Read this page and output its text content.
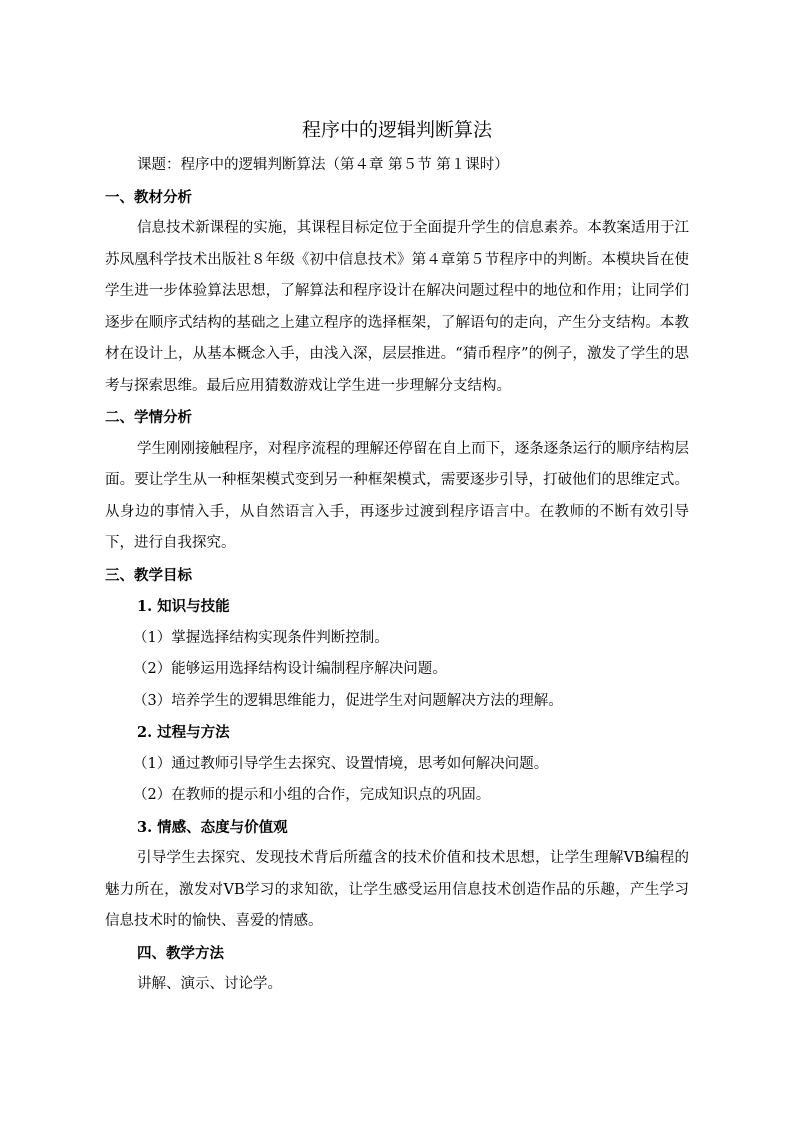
程序中的逻辑判断算法

课题：程序中的逻辑判断算法（第４章 第５节 第１课时）

一、教材分析

信息技术新课程的实施，其课程目标定位于全面提升学生的信息素养。本教案适用于江苏凤凰科学技术出版社８年级《初中信息技术》第４章第５节程序中的判断。本模块旨在使学生进一步体验算法思想，了解算法和程序设计在解决问题过程中的地位和作用；让同学们逐步在顺序式结构的基础之上建立程序的选择框架，了解语句的走向，产生分支结构。本教材在设计上，从基本概念入手，由浅入深，层层推进。“猜币程序”的例子，激发了学生的思考与探索思维。最后应用猜数游戏让学生进一步理解分支结构。

二、学情分析

学生刚刚接触程序，对程序流程的理解还停留在自上而下，逐条逐条运行的顺序结构层面。要让学生从一种框架模式变到另一种框架模式，需要逐步引导，打破他们的思维定式。从身边的事情入手，从自然语言入手，再逐步过渡到程序语言中。在教师的不断有效引导下，进行自我探究。

三、教学目标
1. 知识与技能

（1）掌握选择结构实现条件判断控制。

（2）能够运用选择结构设计编制程序解决问题。

（3）培养学生的逻辑思维能力，促进学生对问题解决方法的理解。

2. 过程与方法

（1）通过教师引导学生去探究、设置情境，思考如何解决问题。

（2）在教师的提示和小组的合作，完成知识点的巩固。

3. 情感、态度与价值观

引导学生去探究、发现技术背后所蕴含的技术价值和技术思想，让学生理解VB编程的魅力所在，激发对VB学习的求知欲，让学生感受运用信息技术创造作品的乐趣，产生学习信息技术时的愉快、喜爱的情感。

四、教学方法

讲解、演示、讨论学。
